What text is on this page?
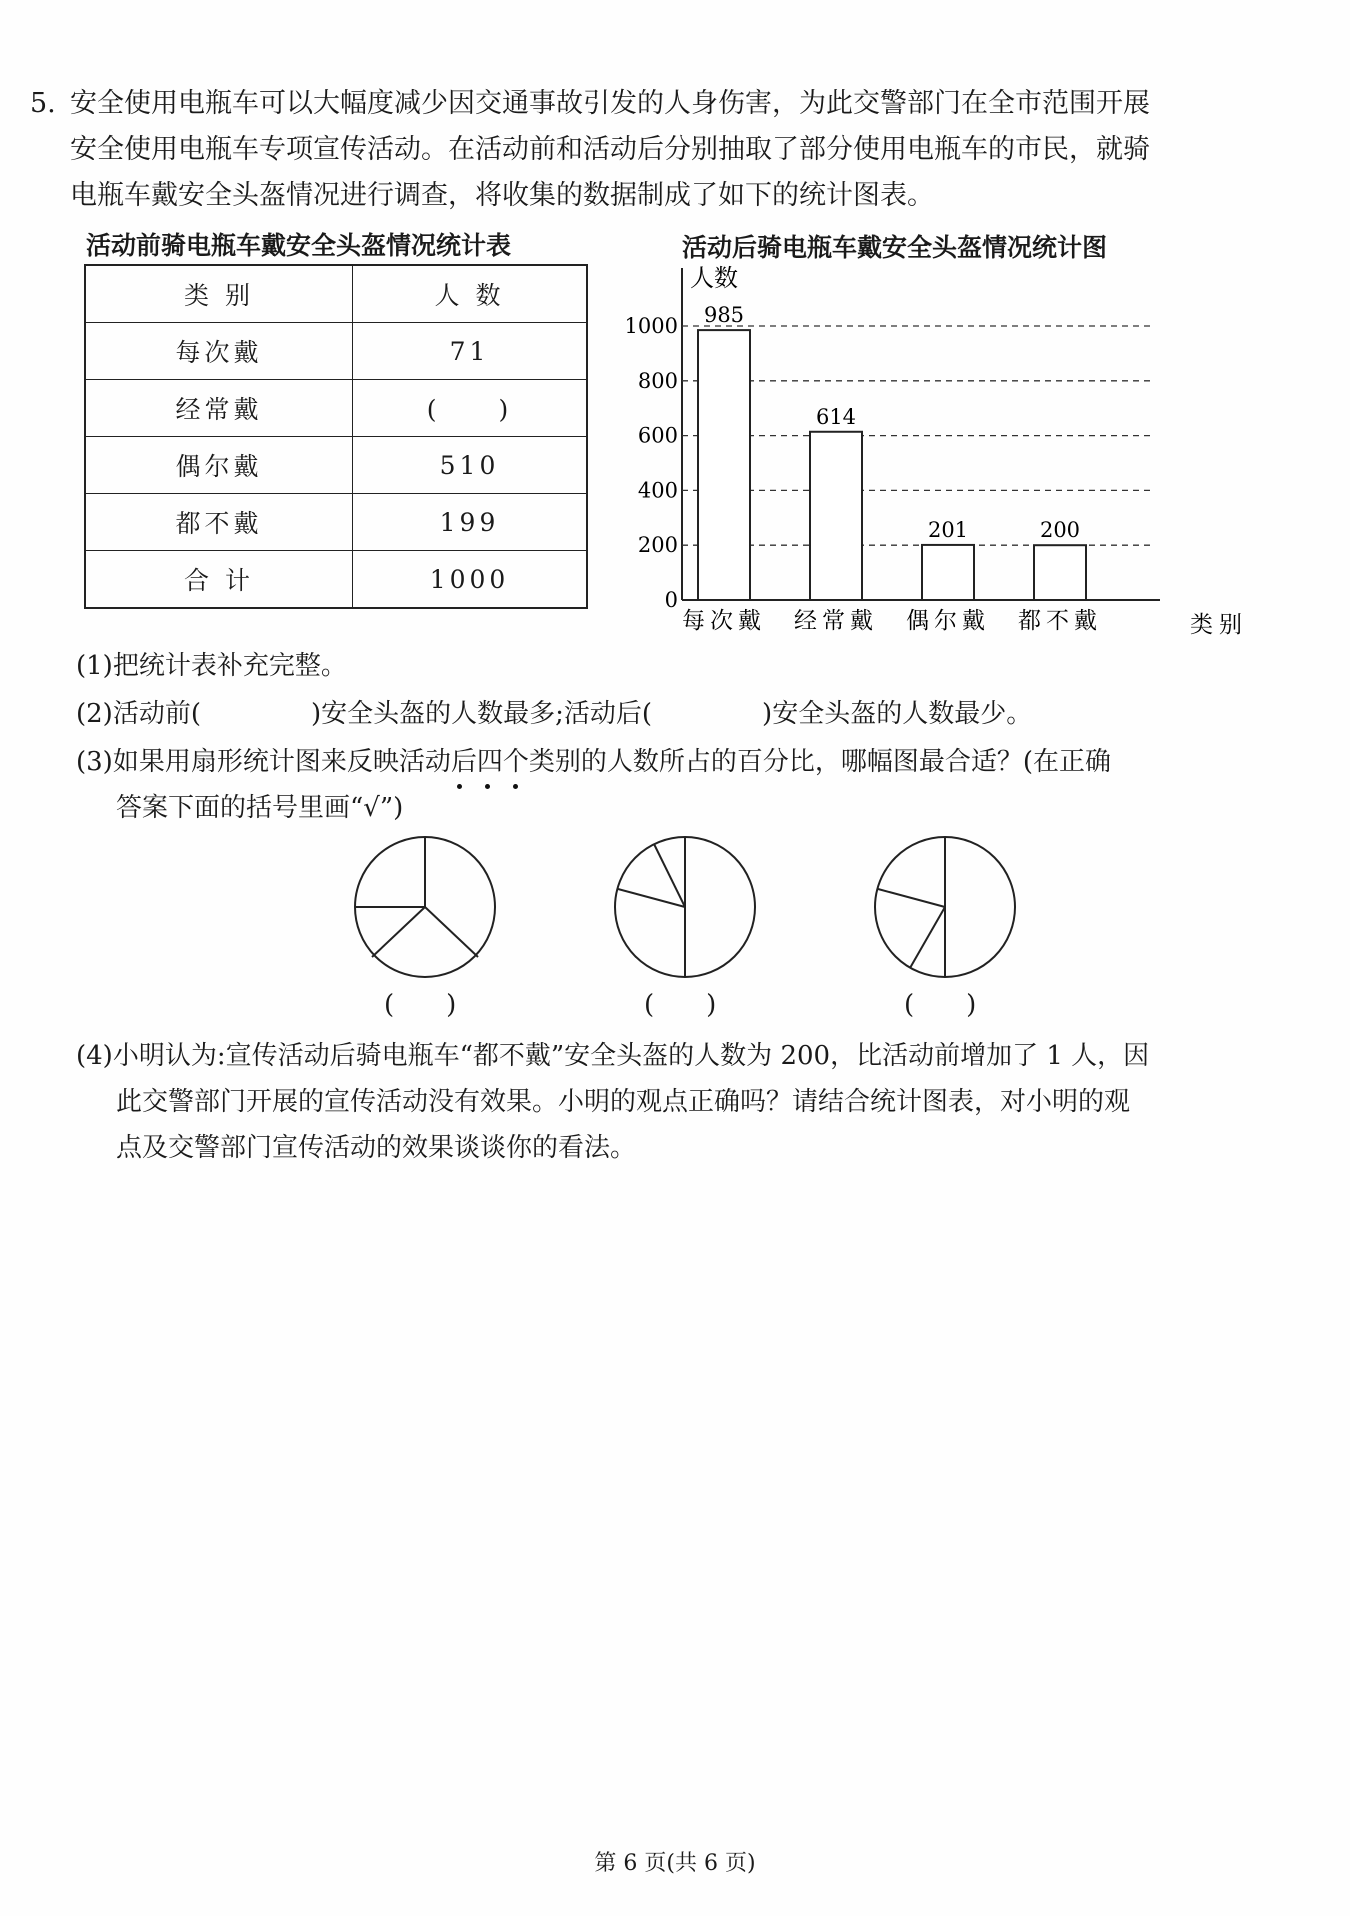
5. 安全使用电瓶车可以大幅度减少因交通事故引发的人身伤害，为此交警部门在全市范围开展
安全使用电瓶车专项宣传活动。在活动前和活动后分别抽取了部分使用电瓶车的市民，就骑
电瓶车戴安全头盔情况进行调查，将收集的数据制成了如下的统计图表。
活动前骑电瓶车戴安全头盔情况统计表
类 别	人 数
每次戴	71
经常戴	(　　)
偶尔戴	510
都不戴	199
合 计	1000
活动后骑电瓶车戴安全头盔情况统计图
人数
类别
0
200
400
600
800
1000 985
每次戴
614
经常戴
201
偶尔戴
200
都不戴
(1)把统计表补充完整。
(2)活动前(	)安全头盔的人数最多;活动后(	)安全头盔的人数最少。
(3)如果用扇形统计图来反映活动后四个类别的人数所占的百分比，哪幅图最合适？(在正确
答案下面的括号里画“√”)
(　　)	(　　)	(　　)
(4)小明认为:宣传活动后骑电瓶车“都不戴”安全头盔的人数为 200，比活动前增加了 1 人，因
此交警部门开展的宣传活动没有效果。小明的观点正确吗？请结合统计图表，对小明的观
点及交警部门宣传活动的效果谈谈你的看法。
第 6 页(共 6 页)
